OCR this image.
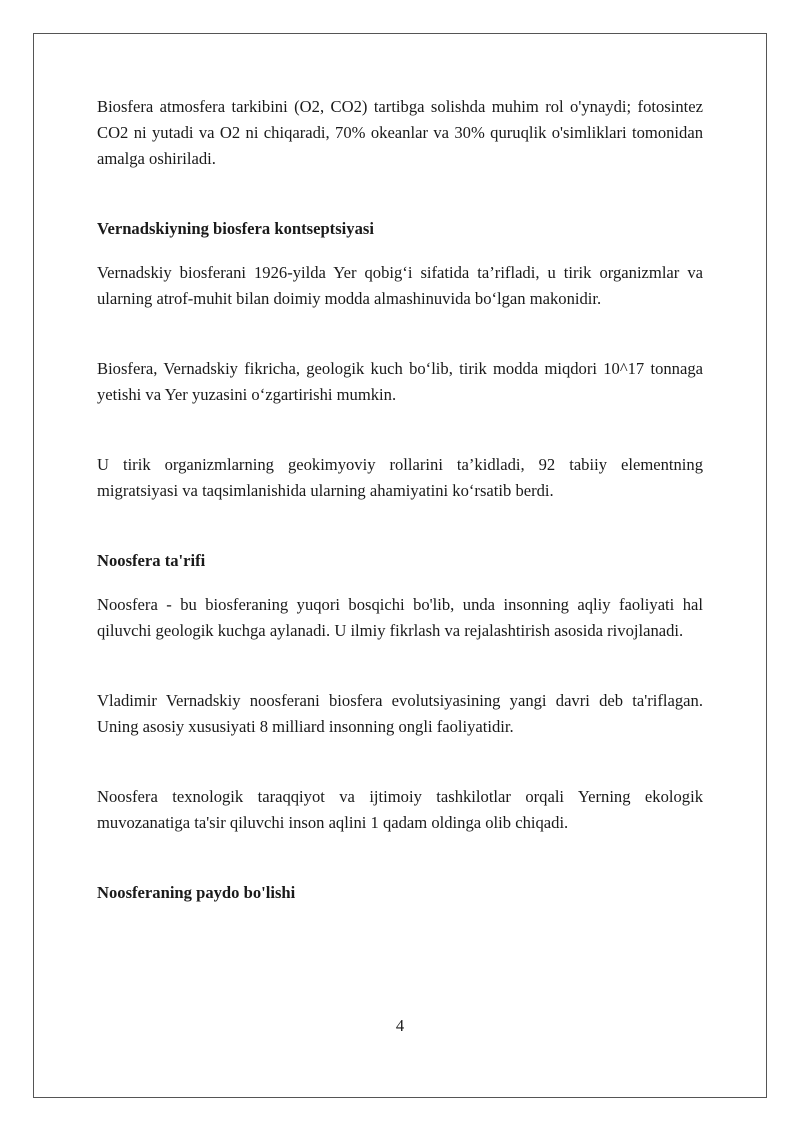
Biosfera atmosfera tarkibini (O2, CO2) tartibga solishda muhim rol o'ynaydi; fotosintez CO2 ni yutadi va O2 ni chiqaradi, 70% okeanlar va 30% quruqlik o'simliklari tomonidan amalga oshiriladi.

Vernadskiyning biosfera kontseptsiyasi

Vernadskiy biosferani 1926-yilda Yer qobig‘i sifatida ta’rifladi, u tirik organizmlar va ularning atrof-muhit bilan doimiy modda almashinuvida bo‘lgan makonidir.

Biosfera, Vernadskiy fikricha, geologik kuch bo‘lib, tirik modda miqdori 10^17 tonnaga yetishi va Yer yuzasini o‘zgartirishi mumkin.

U tirik organizmlarning geokimyoviy rollarini ta’kidladi, 92 tabiiy elementning migratsiyasi va taqsimlanishida ularning ahamiyatini ko‘rsatib berdi.

Noosfera ta'rifi

Noosfera - bu biosferaning yuqori bosqichi bo'lib, unda insonning aqliy faoliyati hal qiluvchi geologik kuchga aylanadi. U ilmiy fikrlash va rejalashtirish asosida rivojlanadi.

Vladimir Vernadskiy noosferani biosfera evolutsiyasining yangi davri deb ta'riflagan. Uning asosiy xususiyati 8 milliard insonning ongli faoliyatidir.

Noosfera texnologik taraqqiyot va ijtimoiy tashkilotlar orqali Yerning ekologik muvozanatiga ta'sir qiluvchi inson aqlini 1 qadam oldinga olib chiqadi.

Noosferaning paydo bo'lishi
4
